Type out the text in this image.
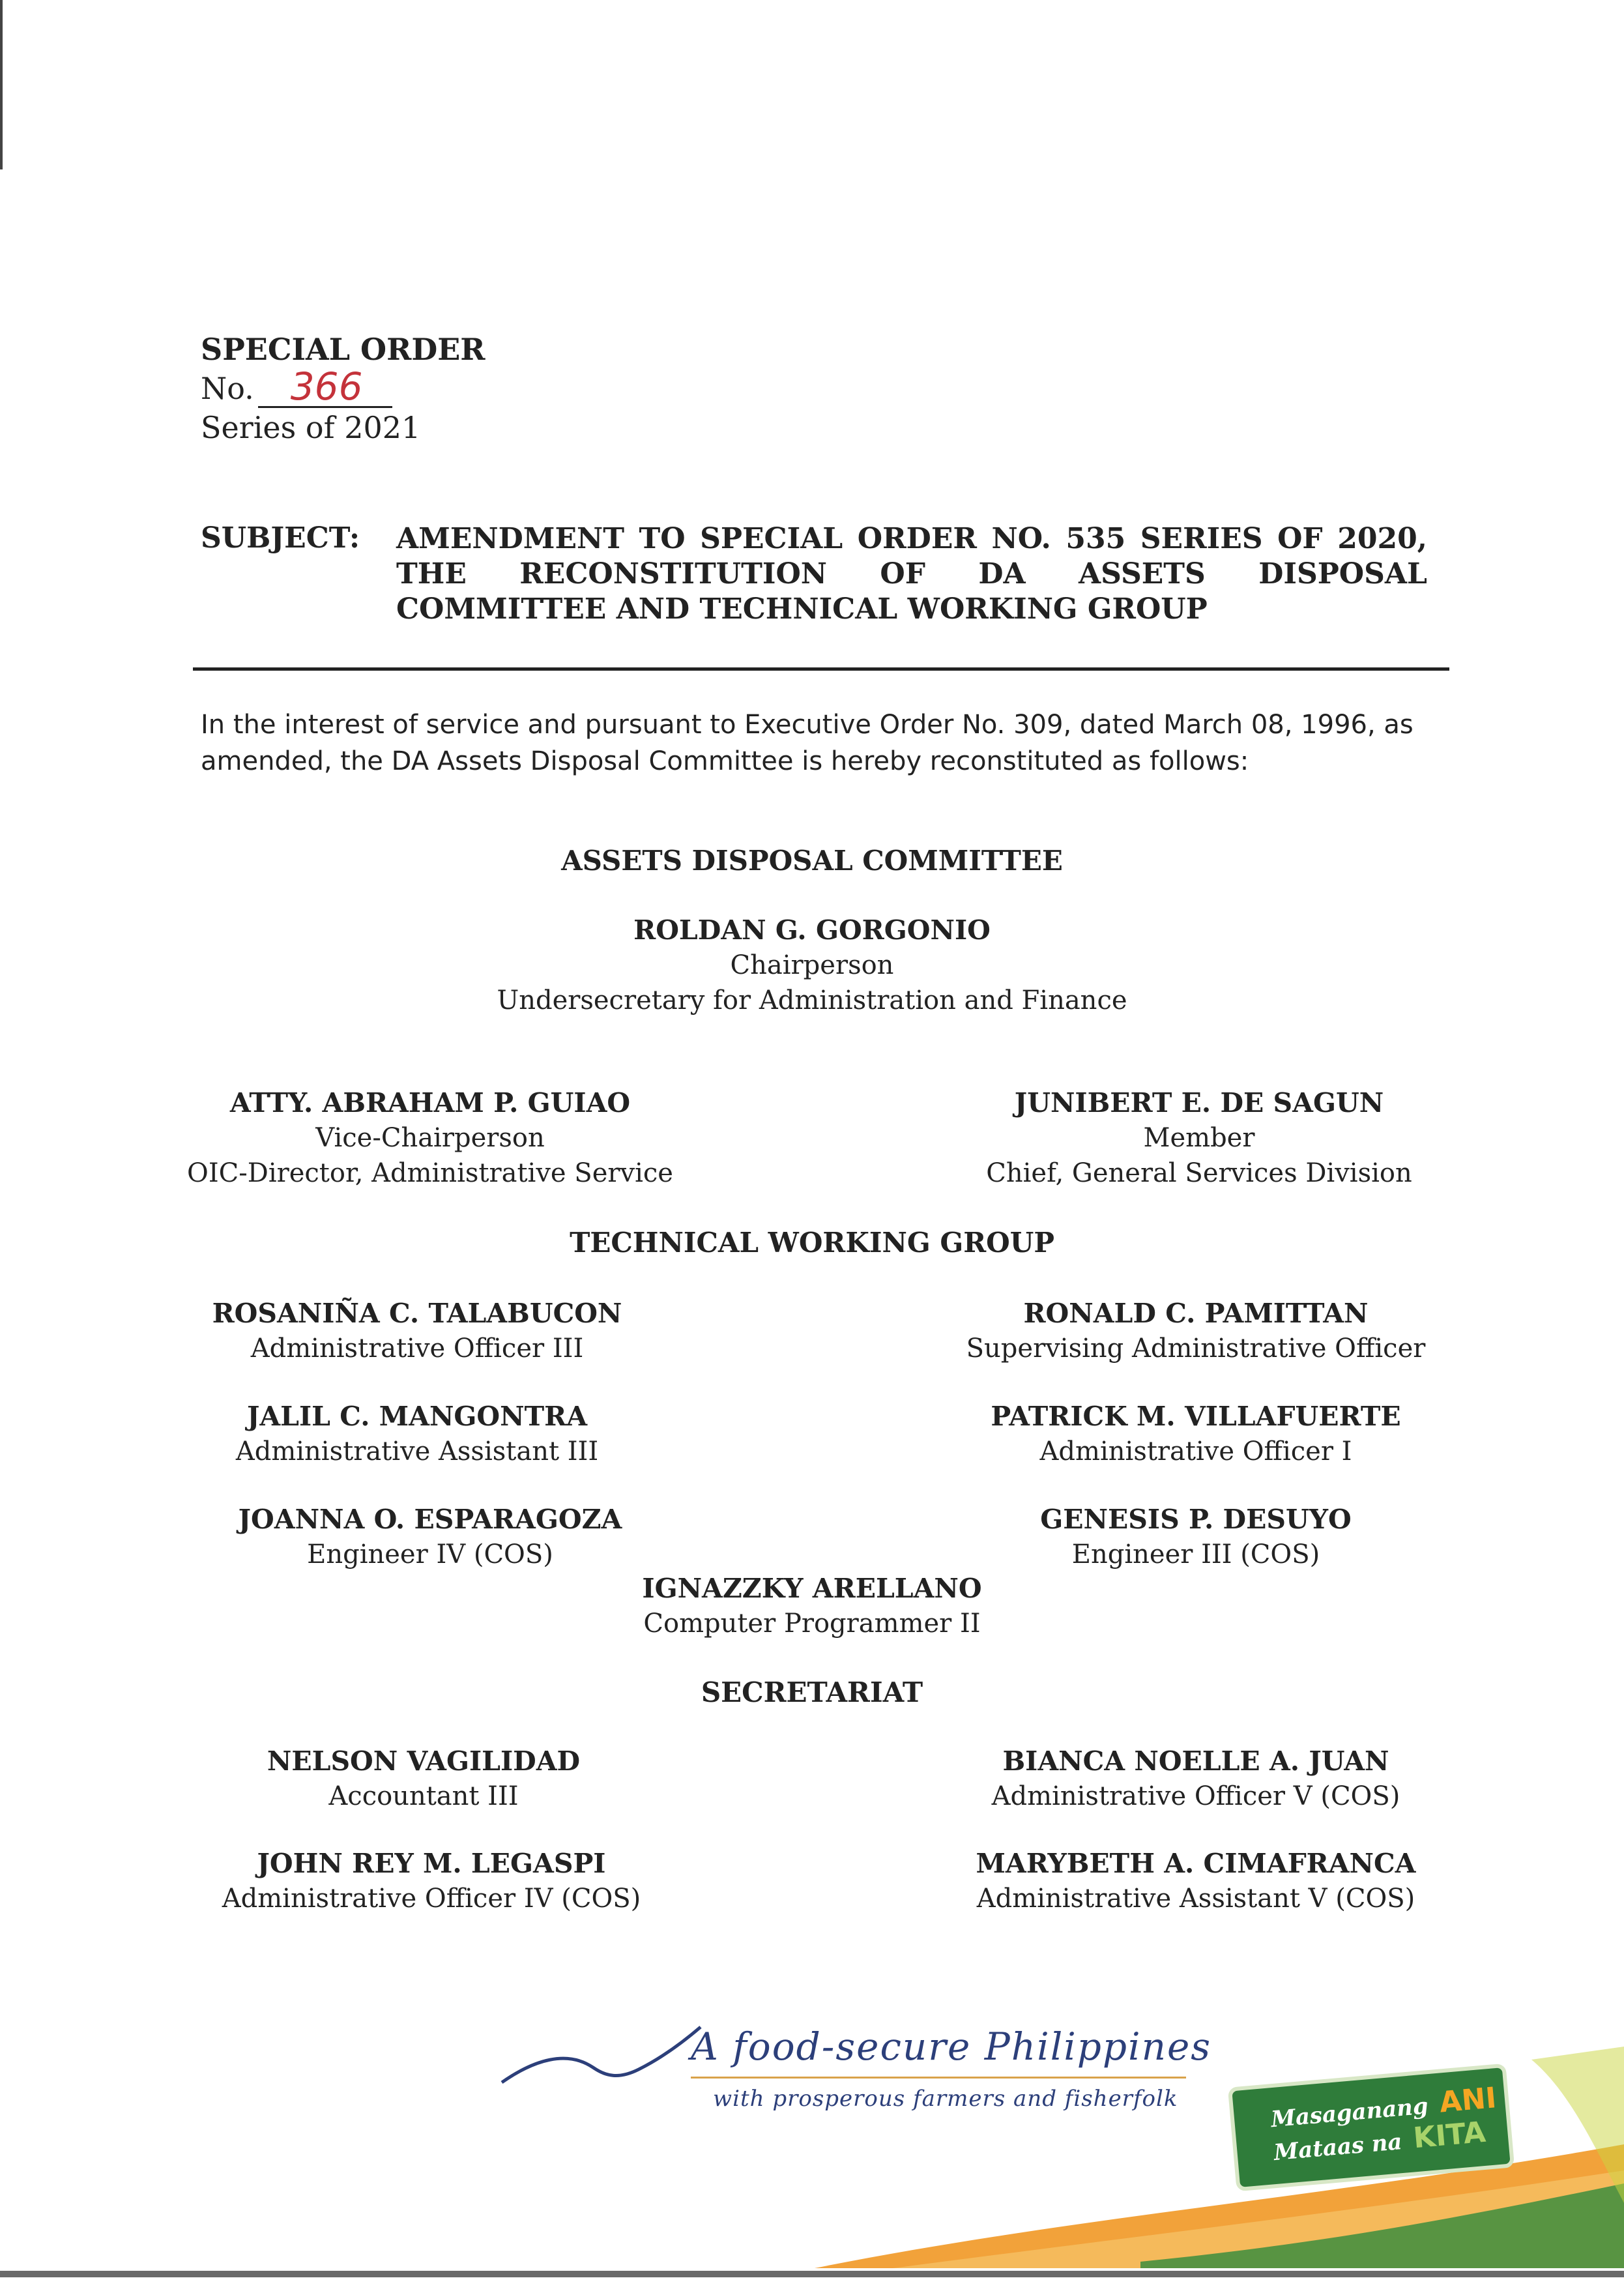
SPECIAL ORDER
No. 366
Series of 2021
SUBJECT: AMENDMENT TO SPECIAL ORDER NO. 535 SERIES OF 2020, THE RECONSTITUTION OF DA ASSETS DISPOSAL COMMITTEE AND TECHNICAL WORKING GROUP
In the interest of service and pursuant to Executive Order No. 309, dated March 08, 1996, as amended, the DA Assets Disposal Committee is hereby reconstituted as follows:
ASSETS DISPOSAL COMMITTEE
ROLDAN G. GORGONIO
Chairperson
Undersecretary for Administration and Finance
ATTY. ABRAHAM P. GUIAO
Vice-Chairperson
OIC-Director, Administrative Service
JUNIBERT E. DE SAGUN
Member
Chief, General Services Division
TECHNICAL WORKING GROUP
ROSANIÑA C. TALABUCON
Administrative Officer III
RONALD C. PAMITTAN
Supervising Administrative Officer
JALIL C. MANGONTRA
Administrative Assistant III
PATRICK M. VILLAFUERTE
Administrative Officer I
JOANNA O. ESPARAGOZA
Engineer IV (COS)
GENESIS P. DESUYO
Engineer III (COS)
IGNAZZKY ARELLANO
Computer Programmer II
SECRETARIAT
NELSON VAGILIDAD
Accountant III
BIANCA NOELLE A. JUAN
Administrative Officer V (COS)
JOHN REY M. LEGASPI
Administrative Officer IV (COS)
MARYBETH A. CIMAFRANCA
Administrative Assistant V (COS)
A food-secure Philippines
with prosperous farmers and fisherfolk	Masaganang ANI
Mataas na KITA
